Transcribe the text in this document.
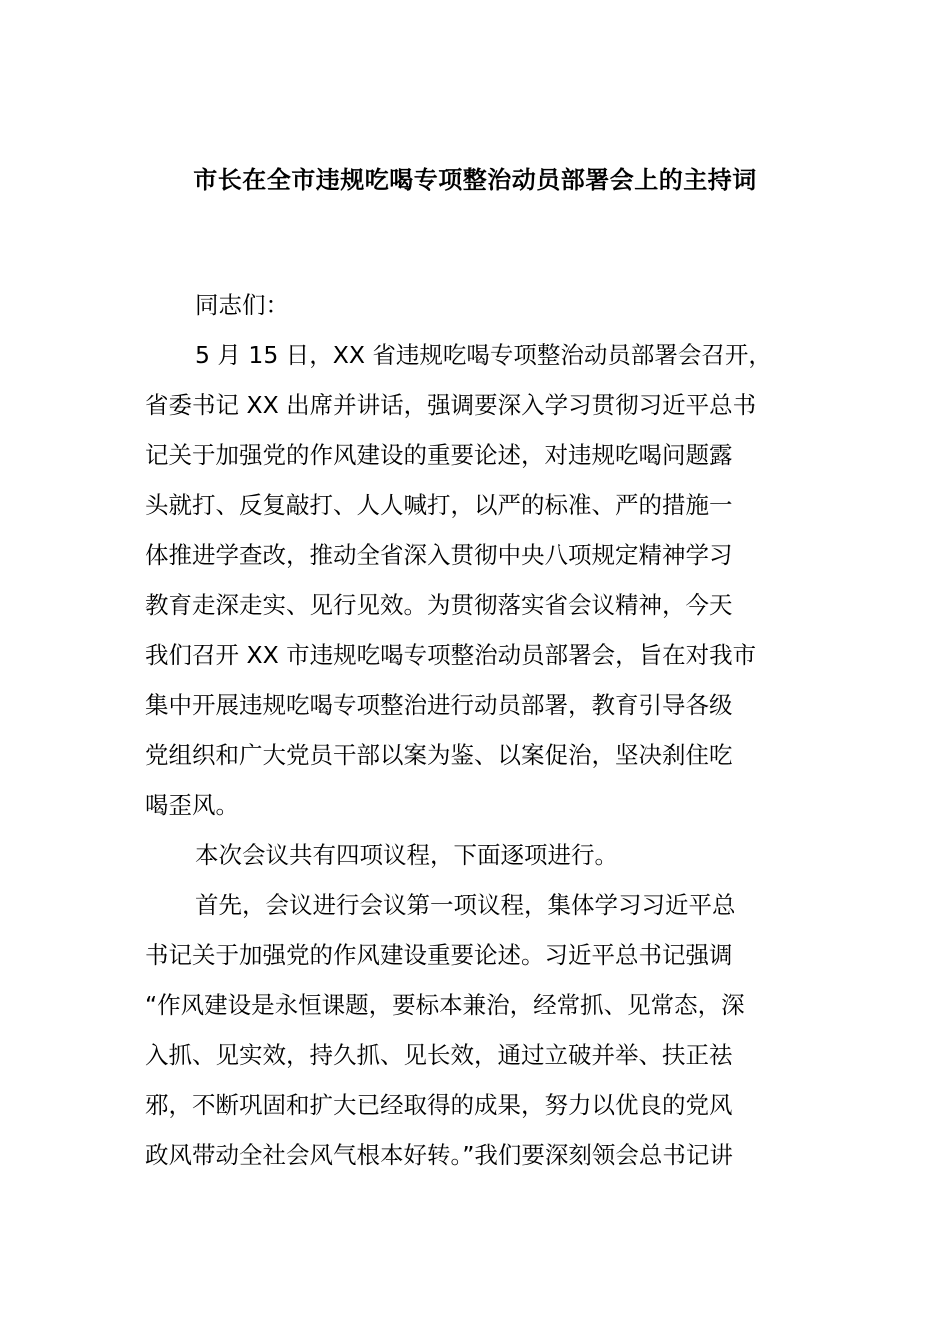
市长在全市违规吃喝专项整治动员部署会上的主持词
同志们：
5 月 15 日，XX 省违规吃喝专项整治动员部署会召开，
省委书记 XX 出席并讲话，强调要深入学习贯彻习近平总书
记关于加强党的作风建设的重要论述，对违规吃喝问题露
头就打、反复敲打、人人喊打，以严的标准、严的措施一
体推进学查改，推动全省深入贯彻中央八项规定精神学习
教育走深走实、见行见效。为贯彻落实省会议精神，今天
我们召开 XX 市违规吃喝专项整治动员部署会，旨在对我市
集中开展违规吃喝专项整治进行动员部署，教育引导各级
党组织和广大党员干部以案为鉴、以案促治，坚决刹住吃
喝歪风。
本次会议共有四项议程，下面逐项进行。
首先，会议进行会议第一项议程，集体学习习近平总
书记关于加强党的作风建设重要论述。习近平总书记强调
“作风建设是永恒课题，要标本兼治，经常抓、见常态，深
入抓、见实效，持久抓、见长效，通过立破并举、扶正祛
邪，不断巩固和扩大已经取得的成果，努力以优良的党风
政风带动全社会风气根本好转。”我们要深刻领会总书记讲
